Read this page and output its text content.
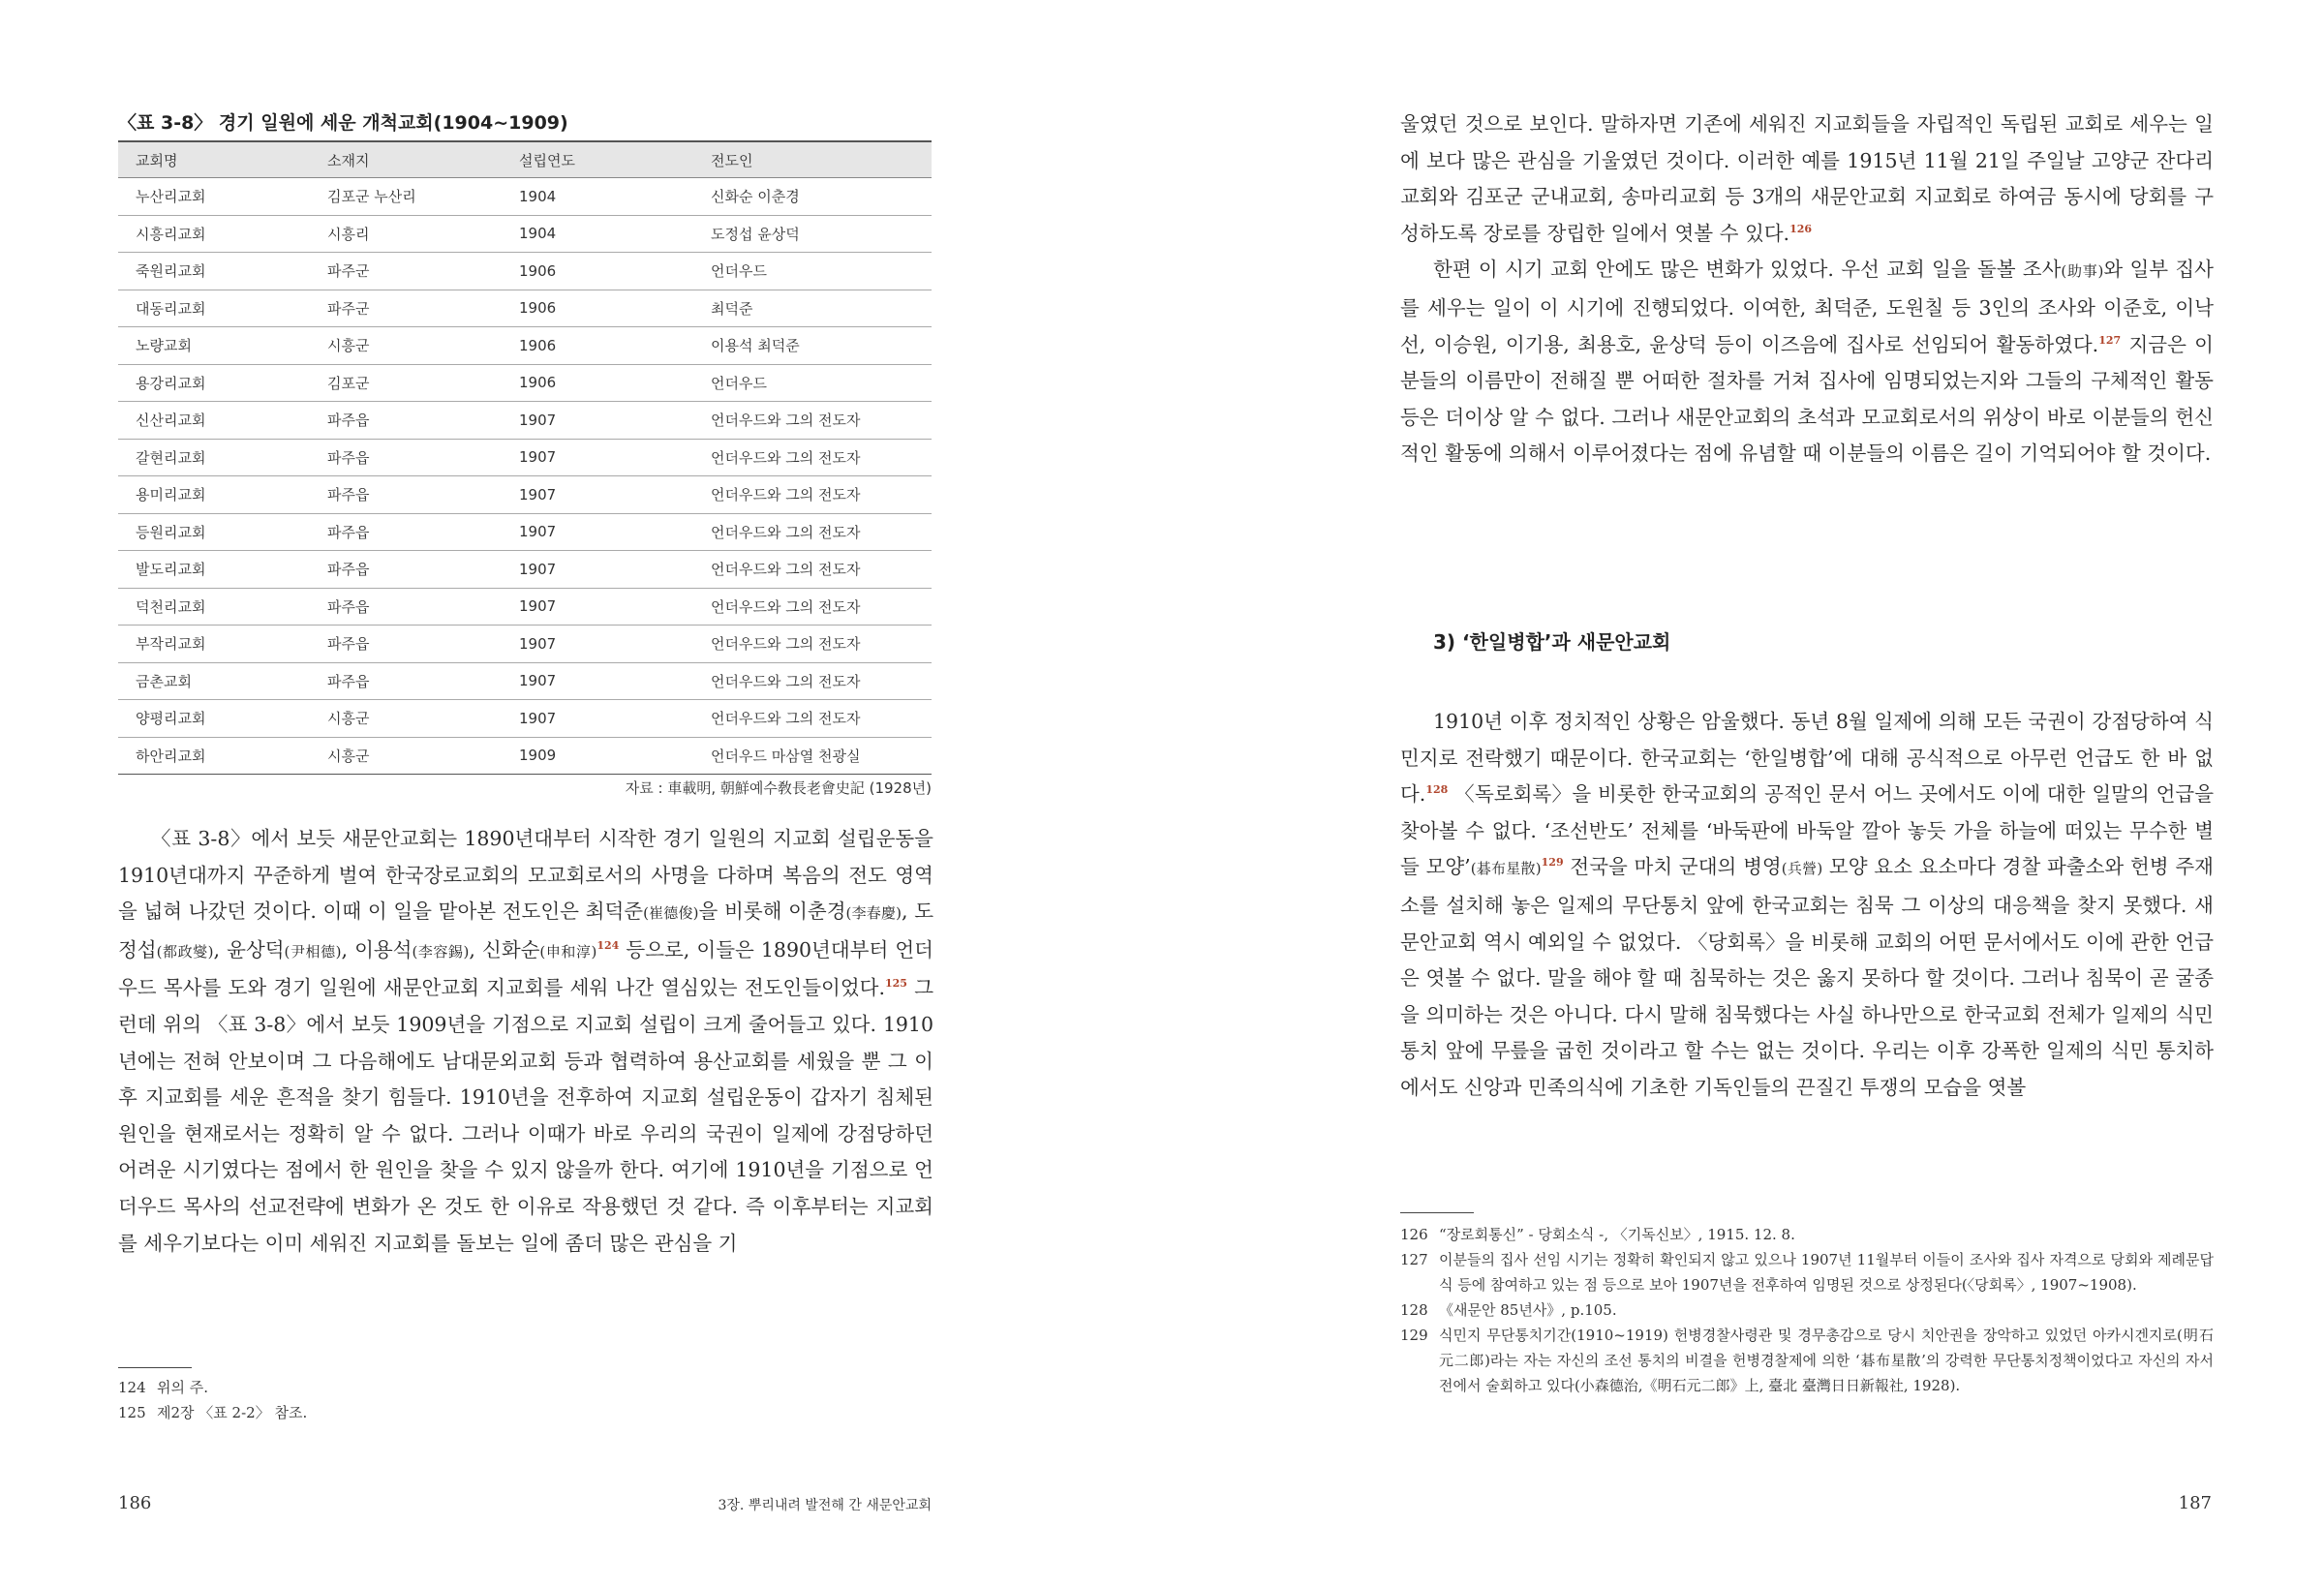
〈표 3-8〉 경기 일원에 세운 개척교회(1904~1909)
교회명	소재지	설립연도	전도인
누산리교회	김포군 누산리	1904	신화순 이춘경
시흥리교회	시흥리	1904	도정섭 윤상덕
죽원리교회	파주군	1906	언더우드
대동리교회	파주군	1906	최덕준
노량교회	시흥군	1906	이용석 최덕준
용강리교회	김포군	1906	언더우드
신산리교회	파주읍	1907	언더우드와 그의 전도자
갈현리교회	파주읍	1907	언더우드와 그의 전도자
용미리교회	파주읍	1907	언더우드와 그의 전도자
등원리교회	파주읍	1907	언더우드와 그의 전도자
발도리교회	파주읍	1907	언더우드와 그의 전도자
덕천리교회	파주읍	1907	언더우드와 그의 전도자
부작리교회	파주읍	1907	언더우드와 그의 전도자
금촌교회	파주읍	1907	언더우드와 그의 전도자
양평리교회	시흥군	1907	언더우드와 그의 전도자
하안리교회	시흥군	1909	언더우드 마삼열 천광실
자료 : 車載明, 朝鮮예수敎長老會史記 (1928년)

〈표 3-8〉에서 보듯 새문안교회는 1890년대부터 시작한 경기 일원의 지교회 설립운동을 1910년대까지 꾸준하게 벌여 한국장로교회의 모교회로서의 사명을 다하며 복음의 전도 영역을 넓혀 나갔던 것이다. 이때 이 일을 맡아본 전도인은 최덕준(崔德俊)을 비롯해 이춘경(李春慶), 도정섭(都政燮), 윤상덕(尹相德), 이용석(李容錫), 신화순(申和淳)$^{124}$ 등으로, 이들은 1890년대부터 언더우드 목사를 도와 경기 일원에 새문안교회 지교회를 세워 나간 열심있는 전도인들이었다.$^{125}$ 그런데 위의 〈표 3-8〉에서 보듯 1909년을 기점으로 지교회 설립이 크게 줄어들고 있다. 1910년에는 전혀 안보이며 그 다음해에도 남대문외교회 등과 협력하여 용산교회를 세웠을 뿐 그 이후 지교회를 세운 흔적을 찾기 힘들다. 1910년을 전후하여 지교회 설립운동이 갑자기 침체된 원인을 현재로서는 정확히 알 수 없다. 그러나 이때가 바로 우리의 국권이 일제에 강점당하던 어려운 시기였다는 점에서 한 원인을 찾을 수 있지 않을까 한다. 여기에 1910년을 기점으로 언더우드 목사의 선교전략에 변화가 온 것도 한 이유로 작용했던 것 같다. 즉 이후부터는 지교회를 세우기보다는 이미 세워진 지교회를 돌보는 일에 좀더 많은 관심을 기

124 위의 주.
125 제2장 〈표 2-2〉 참조.
186	3장. 뿌리내려 발전해 간 새문안교회

울였던 것으로 보인다. 말하자면 기존에 세워진 지교회들을 자립적인 독립된 교회로 세우는 일에 보다 많은 관심을 기울였던 것이다. 이러한 예를 1915년 11월 21일 주일날 고양군 잔다리교회와 김포군 군내교회, 송마리교회 등 3개의 새문안교회 지교회로 하여금 동시에 당회를 구성하도록 장로를 장립한 일에서 엿볼 수 있다.$^{126}$

한편 이 시기 교회 안에도 많은 변화가 있었다. 우선 교회 일을 돌볼 조사(助事)와 일부 집사를 세우는 일이 이 시기에 진행되었다. 이여한, 최덕준, 도원칠 등 3인의 조사와 이준호, 이낙선, 이승원, 이기용, 최용호, 윤상덕 등이 이즈음에 집사로 선임되어 활동하였다.$^{127}$ 지금은 이분들의 이름만이 전해질 뿐 어떠한 절차를 거쳐 집사에 임명되었는지와 그들의 구체적인 활동 등은 더이상 알 수 없다. 그러나 새문안교회의 초석과 모교회로서의 위상이 바로 이분들의 헌신적인 활동에 의해서 이루어졌다는 점에 유념할 때 이분들의 이름은 길이 기억되어야 할 것이다.

3) ‘한일병합’과 새문안교회

1910년 이후 정치적인 상황은 암울했다. 동년 8월 일제에 의해 모든 국권이 강점당하여 식민지로 전락했기 때문이다. 한국교회는 ‘한일병합’에 대해 공식적으로 아무런 언급도 한 바 없다.$^{128}$ 〈독로회록〉을 비롯한 한국교회의 공적인 문서 어느 곳에서도 이에 대한 일말의 언급을 찾아볼 수 없다. ‘조선반도’ 전체를 ‘바둑판에 바둑알 깔아 놓듯 가을 하늘에 떠있는 무수한 별들 모양’(碁布星散)$^{129}$ 전국을 마치 군대의 병영(兵營) 모양 요소 요소마다 경찰 파출소와 헌병 주재소를 설치해 놓은 일제의 무단통치 앞에 한국교회는 침묵 그 이상의 대응책을 찾지 못했다. 새문안교회 역시 예외일 수 없었다. 〈당회록〉을 비롯해 교회의 어떤 문서에서도 이에 관한 언급은 엿볼 수 없다. 말을 해야 할 때 침묵하는 것은 옳지 못하다 할 것이다. 그러나 침묵이 곧 굴종을 의미하는 것은 아니다. 다시 말해 침묵했다는 사실 하나만으로 한국교회 전체가 일제의 식민통치 앞에 무릎을 굽힌 것이라고 할 수는 없는 것이다. 우리는 이후 강폭한 일제의 식민 통치하에서도 신앙과 민족의식에 기초한 기독인들의 끈질긴 투쟁의 모습을 엿볼

126 “장로회통신” - 당회소식 -, 〈기독신보〉, 1915. 12. 8.
127 이분들의 집사 선임 시기는 정확히 확인되지 않고 있으나 1907년 11월부터 이들이 조사와 집사 자격으로 당회와 제례문답식 등에 참여하고 있는 점 등으로 보아 1907년을 전후하여 임명된 것으로 상정된다(〈당회록〉, 1907~1908).
128 《새문안 85년사》, p.105.
129 식민지 무단통치기간(1910~1919) 헌병경찰사령관 및 경무총감으로 당시 치안권을 장악하고 있었던 아카시겐지로(明石元二郎)라는 자는 자신의 조선 통치의 비결을 헌병경찰제에 의한 ‘碁布星散’의 강력한 무단통치정책이었다고 자신의 자서전에서 술회하고 있다(小森德治,《明石元二郎》上, 臺北 臺灣日日新報社, 1928).
187
